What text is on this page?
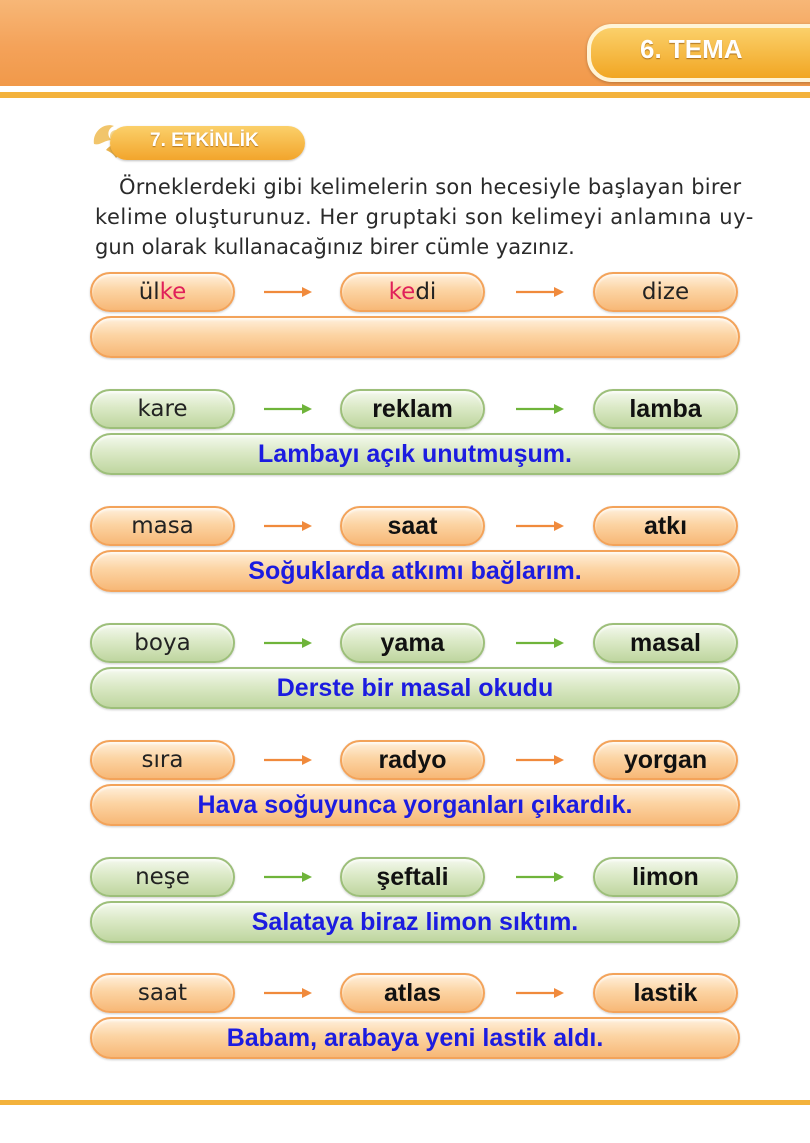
6. TEMA
7. ETKİNLİK
Örneklerdeki gibi kelimelerin son hecesiyle başlayan birer
kelime oluşturunuz. Her gruptaki son kelimeyi anlamına uy-
gun olarak kullanacağınız birer cümle yazınız.
ül ke	ke di	dize
kare	reklam	lamba
Lambayı açık unutmuşum.
masa	saat	atkı
Soğuklarda atkımı bağlarım.
boya	yama	masal
Derste bir masal okudu
sıra	radyo	yorgan
Hava soğuyunca yorganları çıkardık.
neşe	şeftali	limon
Salataya biraz limon sıktım.
saat	atlas	lastik
Babam, arabaya yeni lastik aldı.
